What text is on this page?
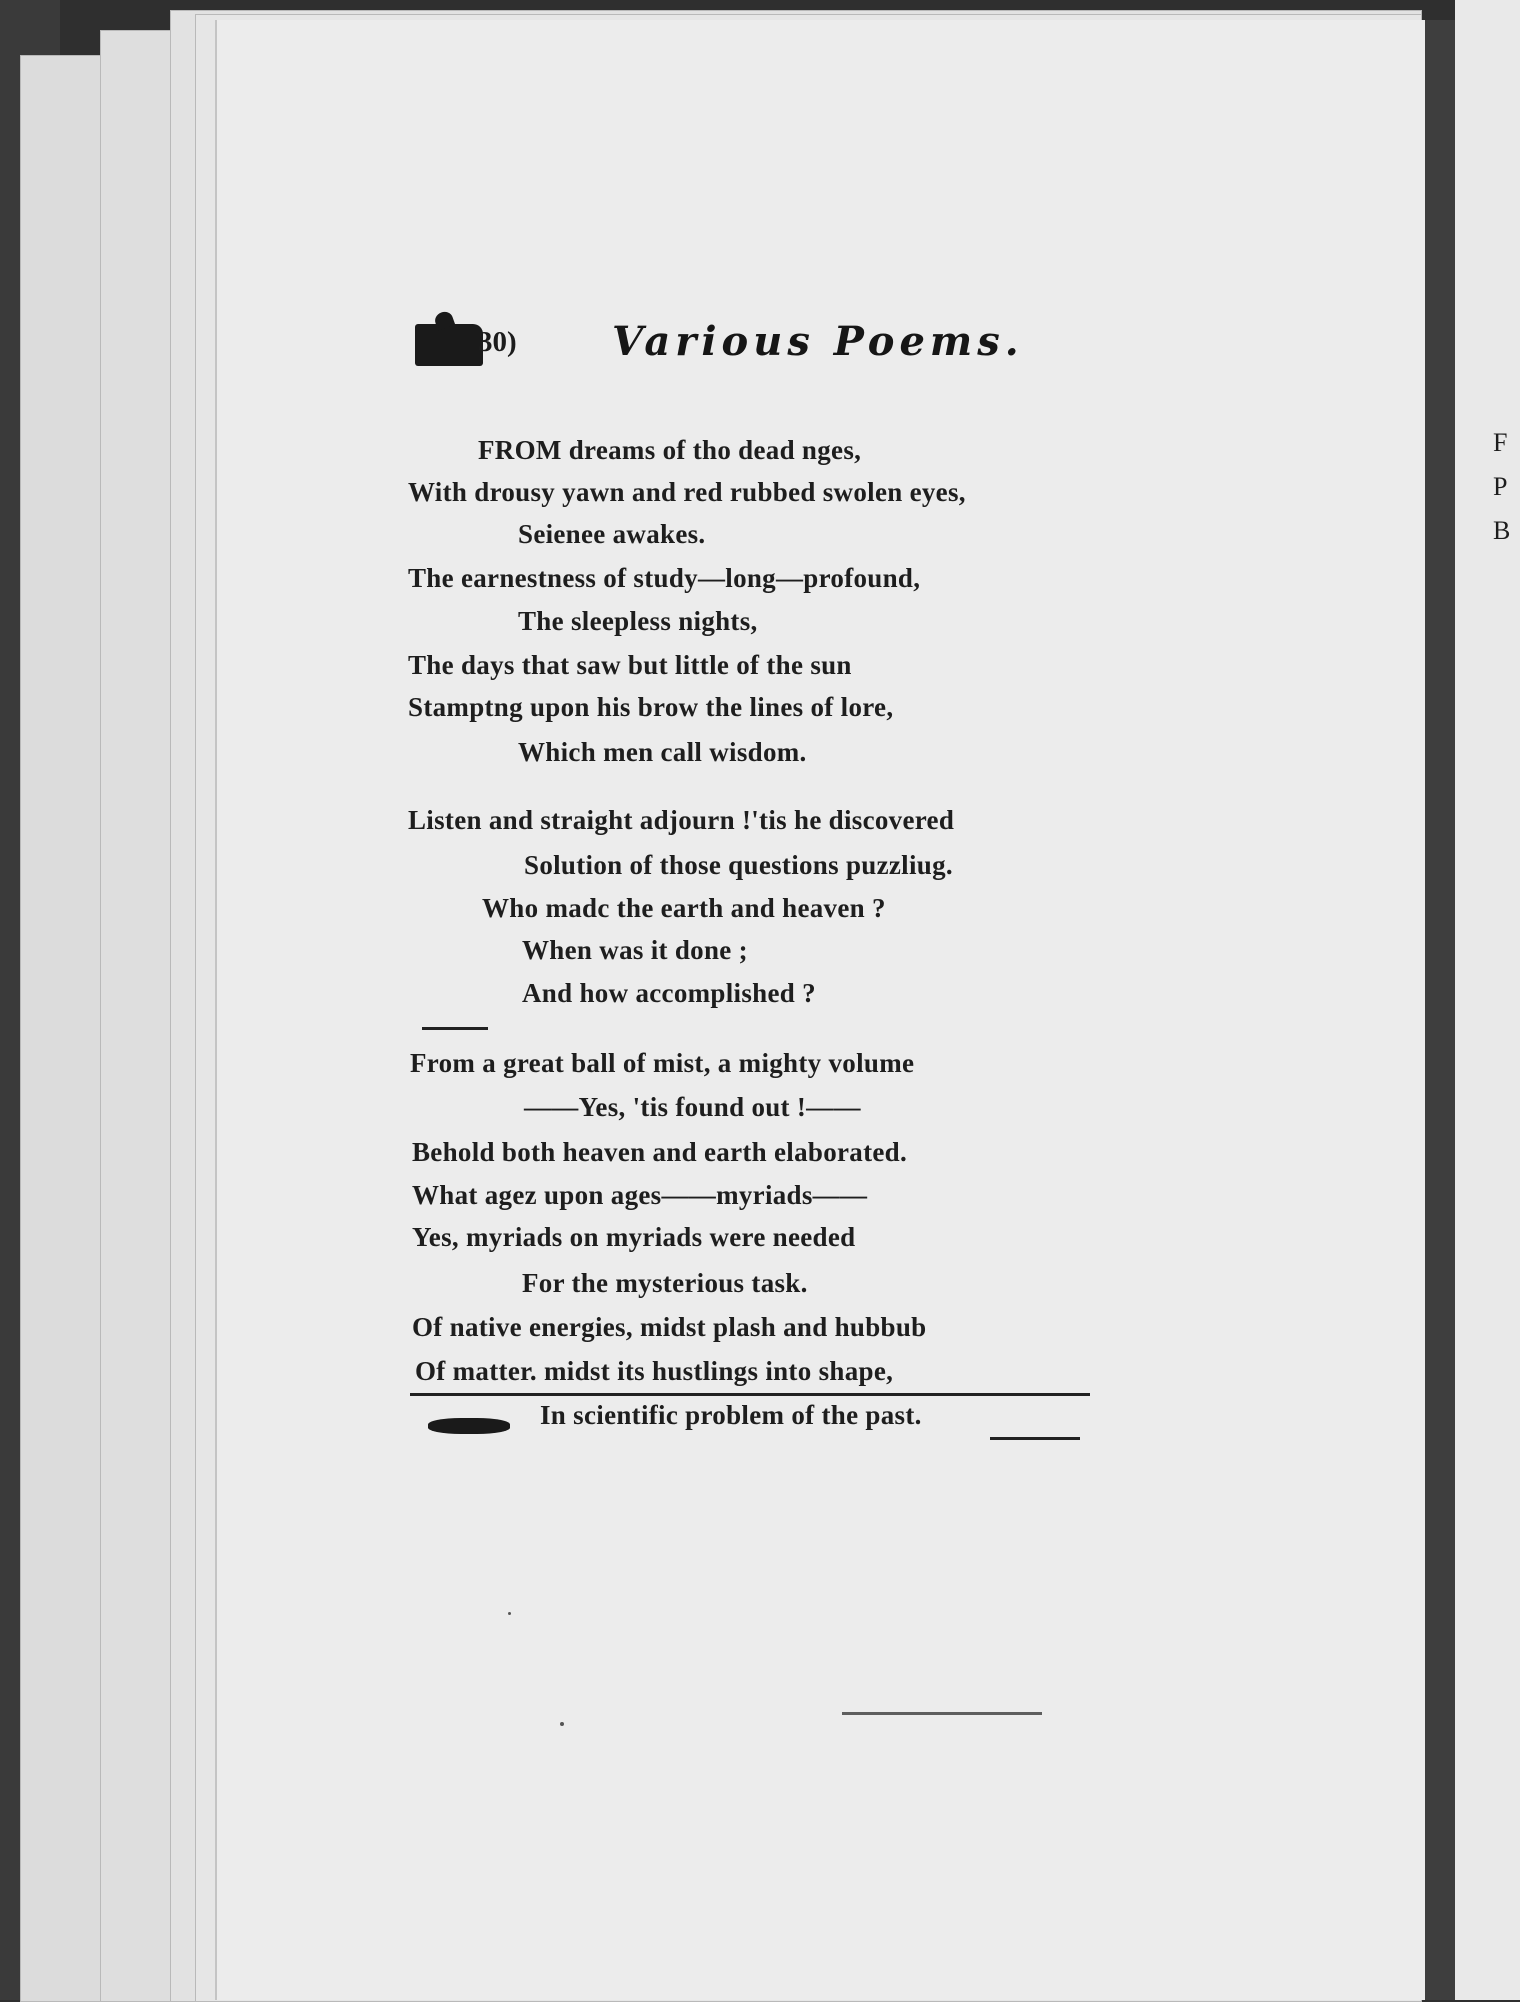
F
P
B
30) Various Poems.
FROM dreams of tho dead nges,
With drousy yawn and red rubbed swolen eyes,
Seienee awakes.
The earnestness of study—long—profound,
The sleepless nights,
The days that saw but little of the sun
Stamptng upon his brow the lines of lore,
Which men call wisdom.
Listen and straight adjourn !'tis he discovered
Solution of those questions puzzliug.
Who madc the earth and heaven ?
When was it done ;
And how accomplished ?
From a great ball of mist, a mighty volume
——Yes, 'tis found out !——
Behold both heaven and earth elaborated.
What agez upon ages——myriads——
Yes, myriads on myriads were needed
For the mysterious task.
Of native energies, midst plash and hubbub
Of matter. midst its hustlings into shape,
In scientific problem of the past.
